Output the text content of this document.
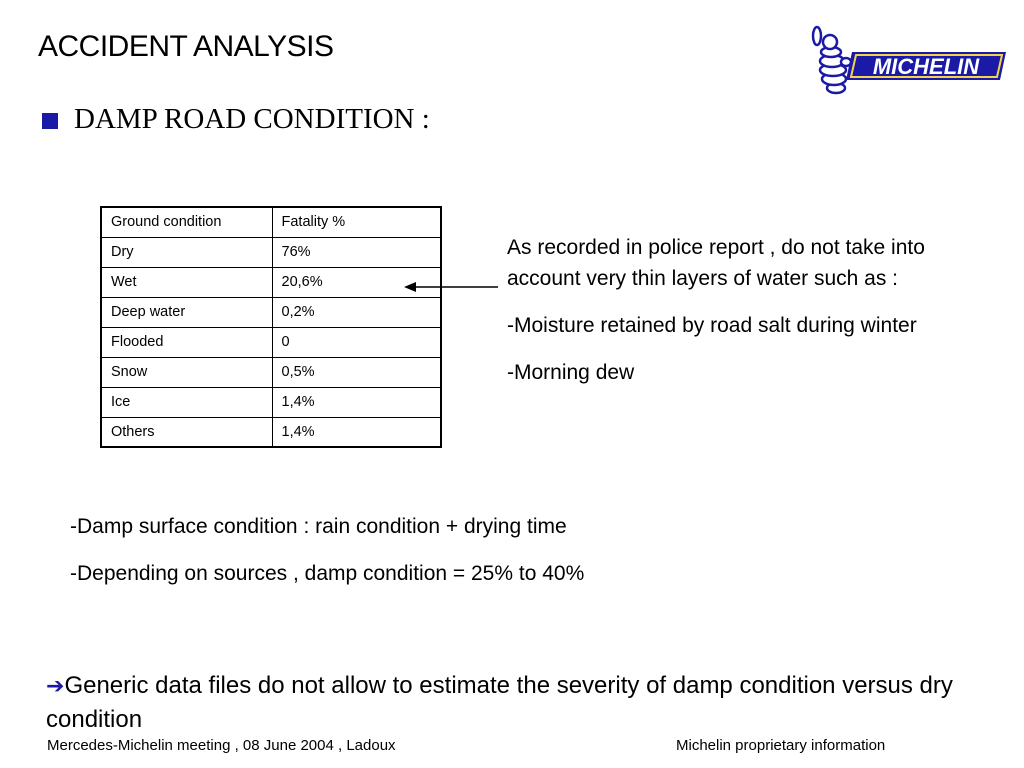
ACCIDENT ANALYSIS
MICHELIN
DAMP ROAD CONDITION :
Ground condition	Fatality %
Dry	76%
Wet	20,6%
Deep water	0,2%
Flooded	0
Snow	0,5%
Ice	1,4%
Others	1,4%

As recorded in police report , do not take into account very thin layers of water such as :

-Moisture retained by road salt during winter

-Morning dew

-Damp surface condition : rain condition + drying time
-Depending on sources , damp condition = 25% to 40%
➔Generic data files do not allow to estimate the severity of damp condition versus dry condition
Mercedes-Michelin meeting , 08 June 2004 , Ladoux	Michelin proprietary information
